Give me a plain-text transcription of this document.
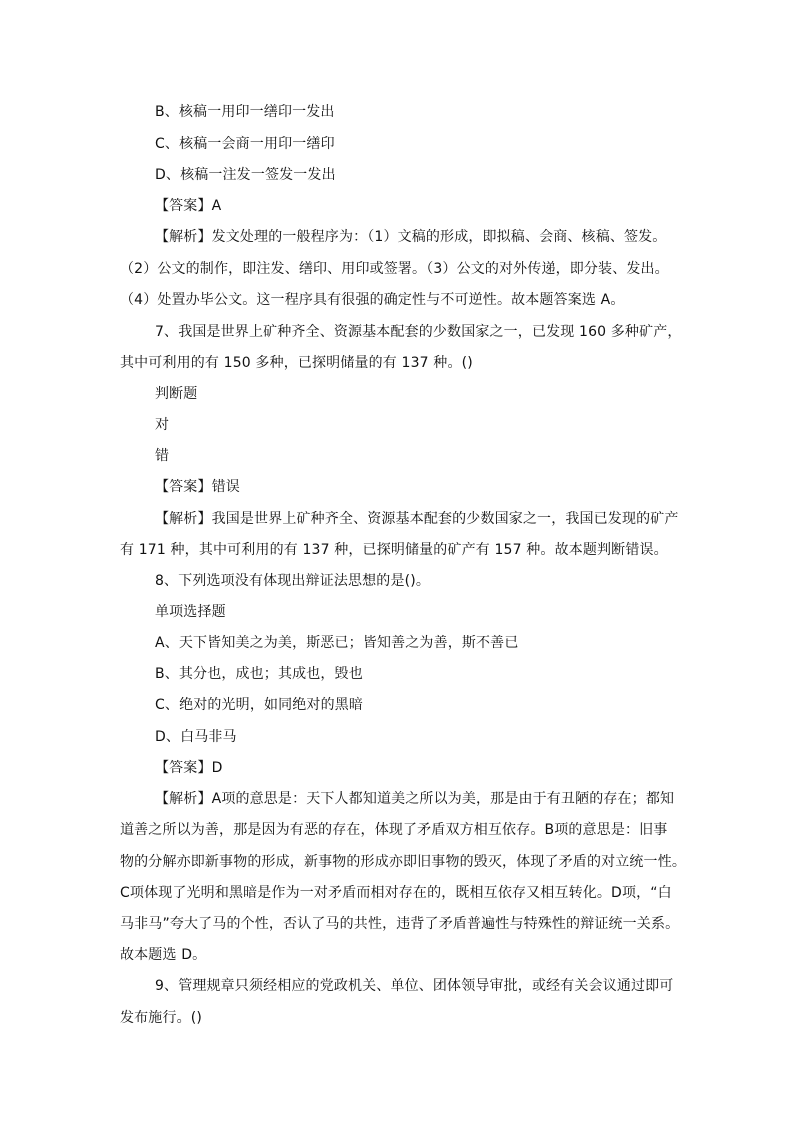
B、核稿一用印一缮印一发出
C、核稿一会商一用印一缮印
D、核稿一注发一签发一发出
【答案】A
【解析】发文处理的一般程序为：（1）文稿的形成，即拟稿、会商、核稿、签发。
（2）公文的制作，即注发、缮印、用印或签署。（3）公文的对外传递，即分装、发出。
（4）处置办毕公文。这一程序具有很强的确定性与不可逆性。故本题答案选 A。
7、我国是世界上矿种齐全、资源基本配套的少数国家之一，已发现 160 多种矿产，
其中可利用的有 150 多种，已探明储量的有 137 种。()
判断题
对
错
【答案】错误
【解析】我国是世界上矿种齐全、资源基本配套的少数国家之一，我国已发现的矿产
有 171 种，其中可利用的有 137 种，已探明储量的矿产有 157 种。故本题判断错误。
8、下列选项没有体现出辩证法思想的是()。
单项选择题
A、天下皆知美之为美，斯恶已；皆知善之为善，斯不善已
B、其分也，成也；其成也，毁也
C、绝对的光明，如同绝对的黑暗
D、白马非马
【答案】D
【解析】A项的意思是：天下人都知道美之所以为美，那是由于有丑陋的存在；都知
道善之所以为善，那是因为有恶的存在，体现了矛盾双方相互依存。B项的意思是：旧事
物的分解亦即新事物的形成，新事物的形成亦即旧事物的毁灭，体现了矛盾的对立统一性。
C项体现了光明和黑暗是作为一对矛盾而相对存在的，既相互依存又相互转化。D项，“白
马非马”夸大了马的个性，否认了马的共性，违背了矛盾普遍性与特殊性的辩证统一关系。
故本题选 D。
9、管理规章只须经相应的党政机关、单位、团体领导审批，或经有关会议通过即可
发布施行。()
